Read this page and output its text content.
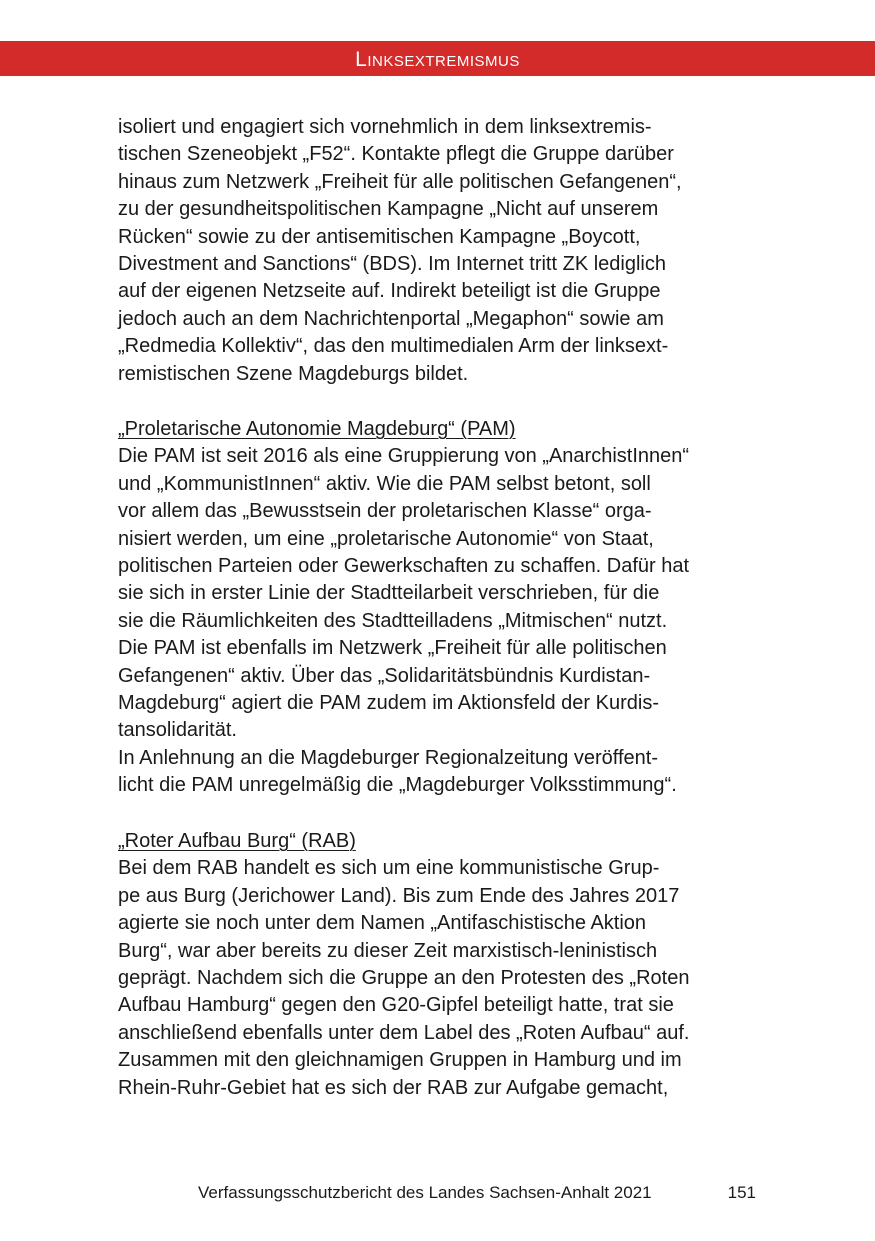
Linksextremismus
isoliert und engagiert sich vornehmlich in dem linksextremis-
tischen Szeneobjekt „F52“. Kontakte pflegt die Gruppe darüber
hinaus zum Netzwerk „Freiheit für alle politischen Gefangenen“,
zu der gesundheitspolitischen Kampagne „Nicht auf unserem
Rücken“ sowie zu der antisemitischen Kampagne „Boycott,
Divestment and Sanctions“ (BDS). Im Internet tritt ZK lediglich
auf der eigenen Netzseite auf. Indirekt beteiligt ist die Gruppe
jedoch auch an dem Nachrichtenportal „Megaphon“ sowie am
„Redmedia Kollektiv“, das den multimedialen Arm der linksext-
remistischen Szene Magdeburgs bildet.
„Proletarische Autonomie Magdeburg“ (PAM)
Die PAM ist seit 2016 als eine Gruppierung von „AnarchistInnen“
und „KommunistInnen“ aktiv. Wie die PAM selbst betont, soll
vor allem das „Bewusstsein der proletarischen Klasse“ orga-
nisiert werden, um eine „proletarische Autonomie“ von Staat,
politischen Parteien oder Gewerkschaften zu schaffen. Dafür hat
sie sich in erster Linie der Stadtteilarbeit verschrieben, für die
sie die Räumlichkeiten des Stadtteilladens „Mitmischen“ nutzt.
Die PAM ist ebenfalls im Netzwerk „Freiheit für alle politischen
Gefangenen“ aktiv. Über das „Solidaritätsbündnis Kurdistan-
Magdeburg“ agiert die PAM zudem im Aktionsfeld der Kurdis-
tansolidarität.
In Anlehnung an die Magdeburger Regionalzeitung veröffent-
licht die PAM unregelmäßig die „Magdeburger Volksstimmung“.
„Roter Aufbau Burg“ (RAB)
Bei dem RAB handelt es sich um eine kommunistische Grup-
pe aus Burg (Jerichower Land). Bis zum Ende des Jahres 2017
agierte sie noch unter dem Namen „Antifaschistische Aktion
Burg“, war aber bereits zu dieser Zeit marxistisch-leninistisch
geprägt. Nachdem sich die Gruppe an den Protesten des „Roten
Aufbau Hamburg“ gegen den G20-Gipfel beteiligt hatte, trat sie
anschließend ebenfalls unter dem Label des „Roten Aufbau“ auf.
Zusammen mit den gleichnamigen Gruppen in Hamburg und im
Rhein-Ruhr-Gebiet hat es sich der RAB zur Aufgabe gemacht,
Verfassungsschutzbericht des Landes Sachsen-Anhalt 2021	151
